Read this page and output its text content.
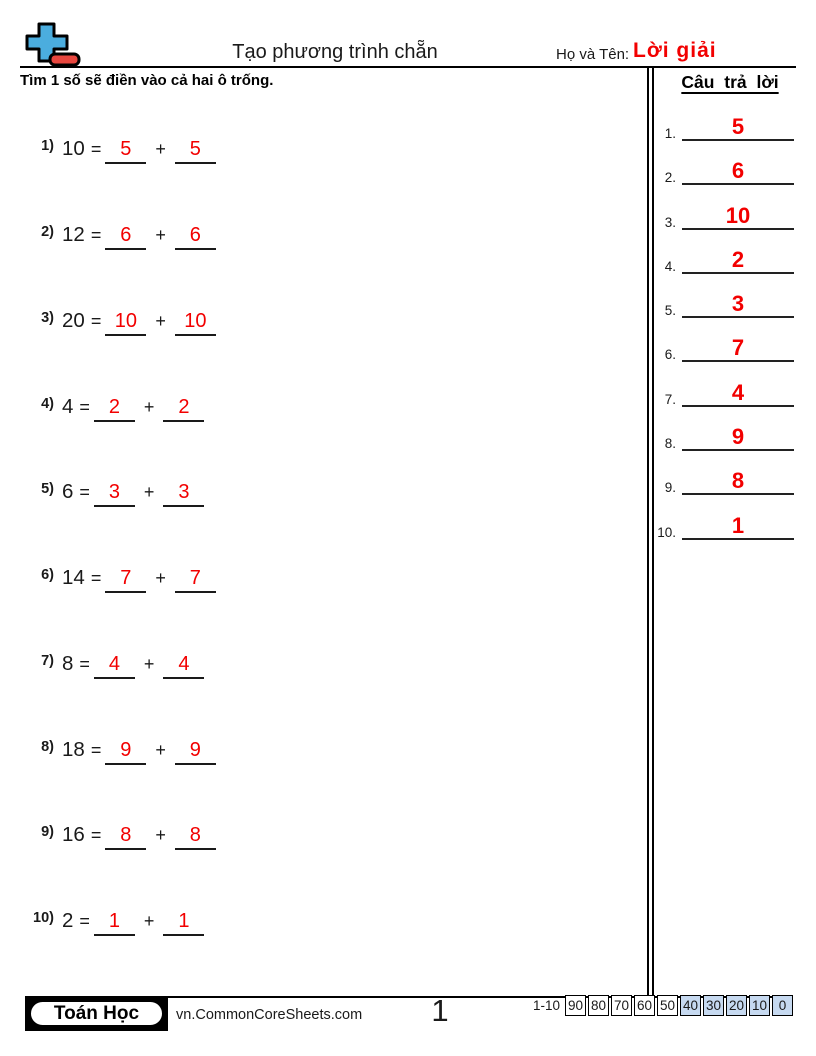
Tạo phương trình chẵn	Họ và Tên: Lời giải
Tìm 1 số sẽ điền vào cả hai ô trống.
1) 10 = 5	+	5
2) 12 = 6	+	6
3) 20 = 10	+ 10
4) 4 = 2	+	2
5) 6 = 3	+	3
6) 14 = 7	+	7
7) 8 = 4	+	4
8) 18 = 9	+	9
9) 16 = 8	+	8
10) 2 = 1	+	1
Câu trả lời
1.	5
2.	6
3.	10
4.	2
5.	3
6.	7
7.	4
8.	9
9.	8
10.	1
Toán Học	vn.CommonCoreSheets.com	1	1-10 90 80 70 60 50 40 30 20 10 0
